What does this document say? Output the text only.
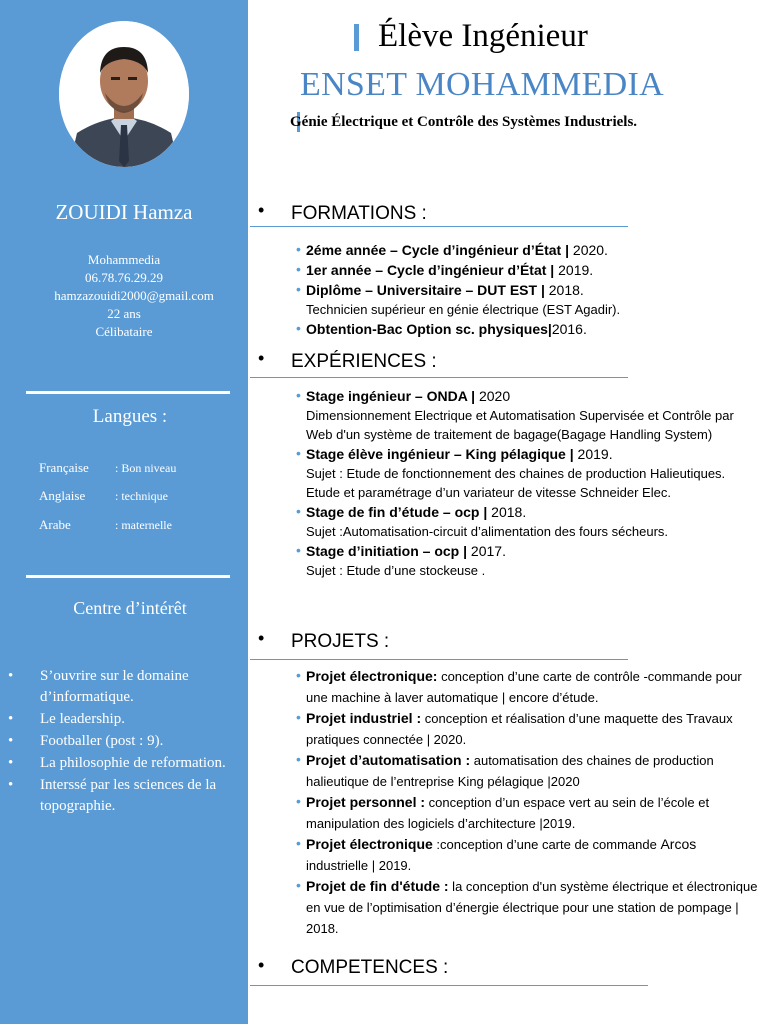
ZOUIDI Hamza
Mohammedia
06.78.76.29.29
hamzazouidi2000@gmail.com
22 ans
Célibataire
Langues :
Française : Bon niveau
Anglaise : technique
Arabe	: maternelle
Centre d’intérêt
• S’ouvrire sur le domaine d’informatique.
• Le leadership.
• Footballer (post : 9).
• La philosophie de reformation.
• Interssé par les sciences de la topographie.
Élève Ingénieur
ENSET MOHAMMEDIA
Génie Électrique et Contrôle des Systèmes Industriels.
• FORMATIONS :
• 2éme année – Cycle d’ingénieur d’État | 2020.
• 1er année – Cycle d’ingénieur d’État | 2019.
• Diplôme – Universitaire – DUT EST | 2018.
Technicien supérieur en génie électrique (EST Agadir).
• Obtention-Bac Option sc. physiques|2016.
• EXPÉRIENCES :
• Stage ingénieur – ONDA | 2020
Dimensionnement Electrique et Automatisation Supervisée et Contrôle par Web d'un système de traitement de bagage(Bagage Handling System)
• Stage élève ingénieur – King pélagique | 2019.
Sujet : Etude de fonctionnement des chaines de production Halieutiques.
Etude et paramétrage d’un variateur de vitesse Schneider Elec.
• Stage de fin d’étude – ocp | 2018.
Sujet :Automatisation-circuit d’alimentation des fours sécheurs.
• Stage d’initiation – ocp | 2017.
Sujet : Etude d’une stockeuse .
• PROJETS :
• Projet électronique: conception d’une carte de contrôle -commande pour une machine à laver automatique | encore d’étude.
• Projet industriel : conception et réalisation d’une maquette des Travaux pratiques connectée | 2020.
• Projet d’automatisation : automatisation des chaines de production halieutique de l’entreprise King pélagique |2020
• Projet personnel : conception d’un espace vert au sein de l’école et manipulation des logiciels d’architecture |2019.
• Projet électronique :conception d’une carte de commande Arcos industrielle | 2019.
• Projet de fin d'étude : la conception d'un système électrique et électronique en vue de l’optimisation d’énergie électrique pour une station de pompage | 2018.
• COMPETENCES :
